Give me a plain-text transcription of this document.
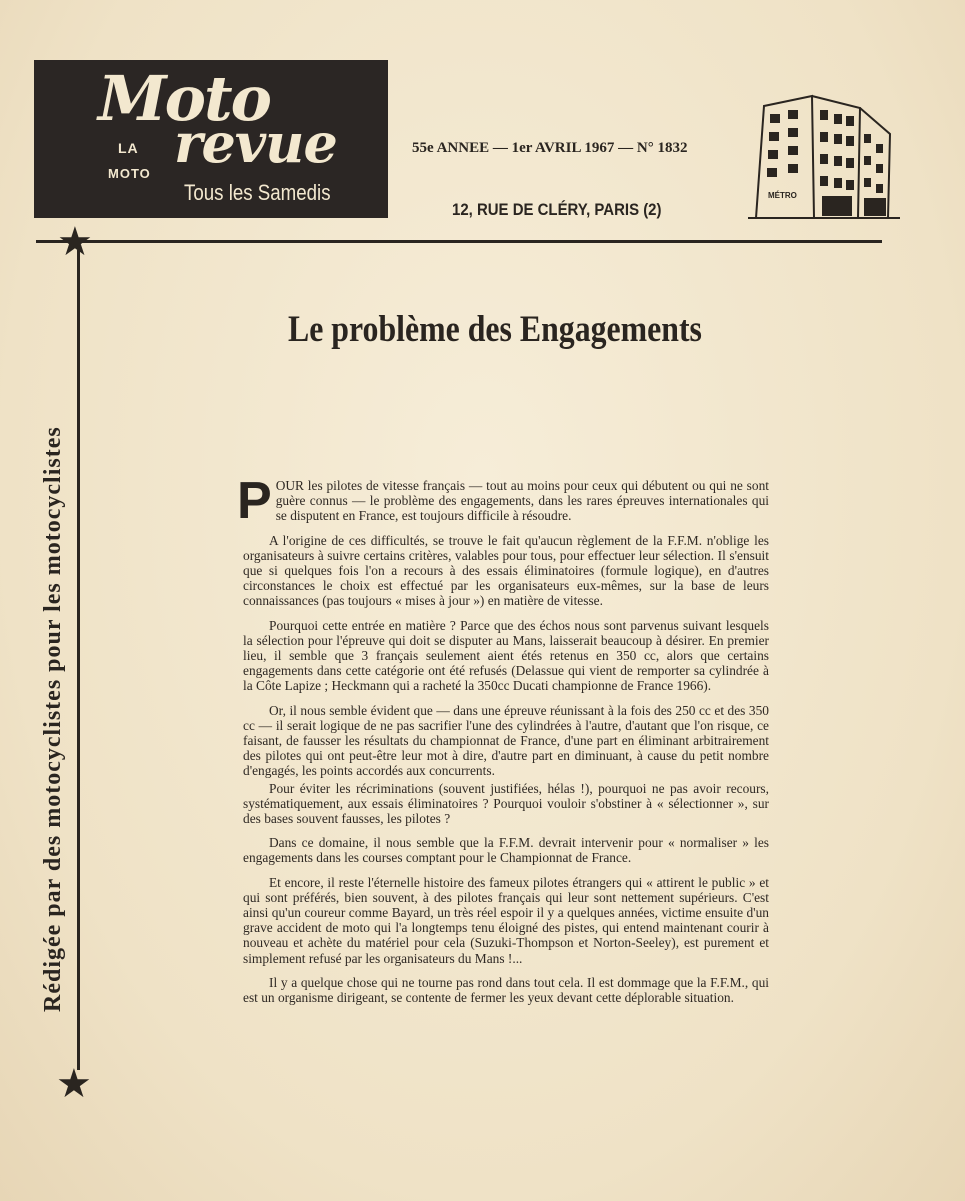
Moto
LA
MOTO revue
Tous les Samedis
55e ANNEE — 1er AVRIL 1967 — N° 1832
12, RUE DE CLÉRY, PARIS (2)
MÉTRO
★
★
Rédigée par des motocyclistes pour les motocyclistes
Le problème des Engagements

POUR les pilotes de vitesse français — tout au moins pour ceux qui débutent ou qui ne sont guère connus — le problème des engagements, dans les rares épreuves internationales qui se disputent en France, est toujours difficile à résoudre.

A l'origine de ces difficultés, se trouve le fait qu'aucun règlement de la F.F.M. n'oblige les organisateurs à suivre certains critères, valables pour tous, pour effectuer leur sélection. Il s'ensuit que si quelques fois l'on a recours à des essais éliminatoires (formule logique), en d'autres circonstances le choix est effectué par les organisateurs eux-mêmes, sur la base de leurs connaissances (pas toujours « mises à jour ») en matière de vitesse.

Pourquoi cette entrée en matière ? Parce que des échos nous sont parvenus suivant lesquels la sélection pour l'épreuve qui doit se disputer au Mans, laisserait beaucoup à désirer. En premier lieu, il semble que 3 français seulement aient étés retenus en 350 cc, alors que certains engagements dans cette catégorie ont été refusés (Delassue qui vient de remporter sa cylindrée à la Côte Lapize ; Heckmann qui a racheté la 350cc Ducati championne de France 1966).

Or, il nous semble évident que — dans une épreuve réunissant à la fois des 250 cc et des 350 cc — il serait logique de ne pas sacrifier l'une des cylindrées à l'autre, d'autant que l'on risque, ce faisant, de fausser les résultats du championnat de France, d'une part en éliminant arbitrairement des pilotes qui ont peut-être leur mot à dire, d'autre part en diminuant, à cause du petit nombre d'engagés, les points accordés aux concurrents.

Pour éviter les récriminations (souvent justifiées, hélas !), pourquoi ne pas avoir recours, systématiquement, aux essais éliminatoires ? Pourquoi vouloir s'obstiner à « sélectionner », sur des bases souvent fausses, les pilotes ?

Dans ce domaine, il nous semble que la F.F.M. devrait intervenir pour « normaliser » les engagements dans les courses comptant pour le Championnat de France.

Et encore, il reste l'éternelle histoire des fameux pilotes étrangers qui « attirent le public » et qui sont préférés, bien souvent, à des pilotes français qui leur sont nettement supérieurs. C'est ainsi qu'un coureur comme Bayard, un très réel espoir il y a quelques années, victime ensuite d'un grave accident de moto qui l'a longtemps tenu éloigné des pistes, qui entend maintenant courir à nouveau et achète du matériel pour cela (Suzuki-Thompson et Norton-Seeley), est purement et simplement refusé par les organisateurs du Mans !...

Il y a quelque chose qui ne tourne pas rond dans tout cela. Il est dommage que la F.F.M., qui est un organisme dirigeant, se contente de fermer les yeux devant cette déplorable situation.
